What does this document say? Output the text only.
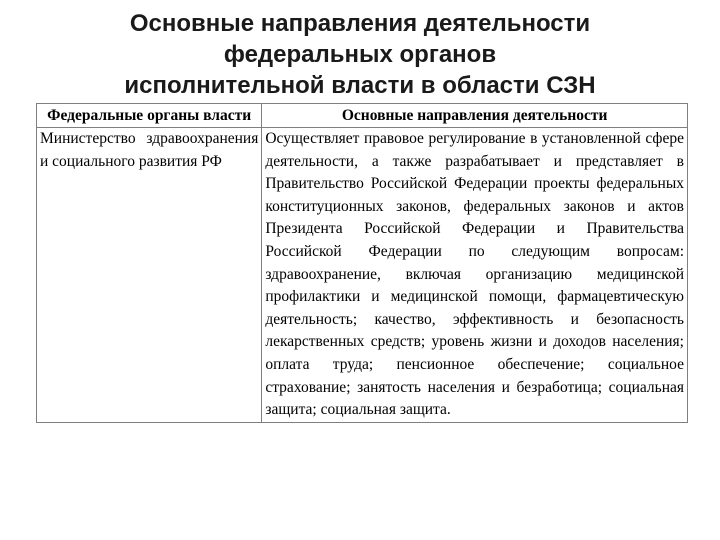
Основные направления деятельности
федеральных органов
исполнительной власти в области СЗН
Федеральные органы власти	Основные направления деятельности
Министерство здравоохранения и социального развития РФ	Осуществляет правовое регулирование в установленной сфере деятельности, а также разрабатывает и представляет в Правительство Российской Федерации проекты федеральных конституционных законов, федеральных законов и актов Президента Российской Федерации и Правительства Российской Федерации по следующим вопросам: здравоохранение, включая организацию медицинской профилактики и медицинской помощи, фармацевтическую деятельность; качество, эффективность и безопасность лекарственных средств; уровень жизни и доходов населения; оплата труда; пенсионное обеспечение; социальное страхование; занятость населения и безработица; социальная защита; социальная защита.
